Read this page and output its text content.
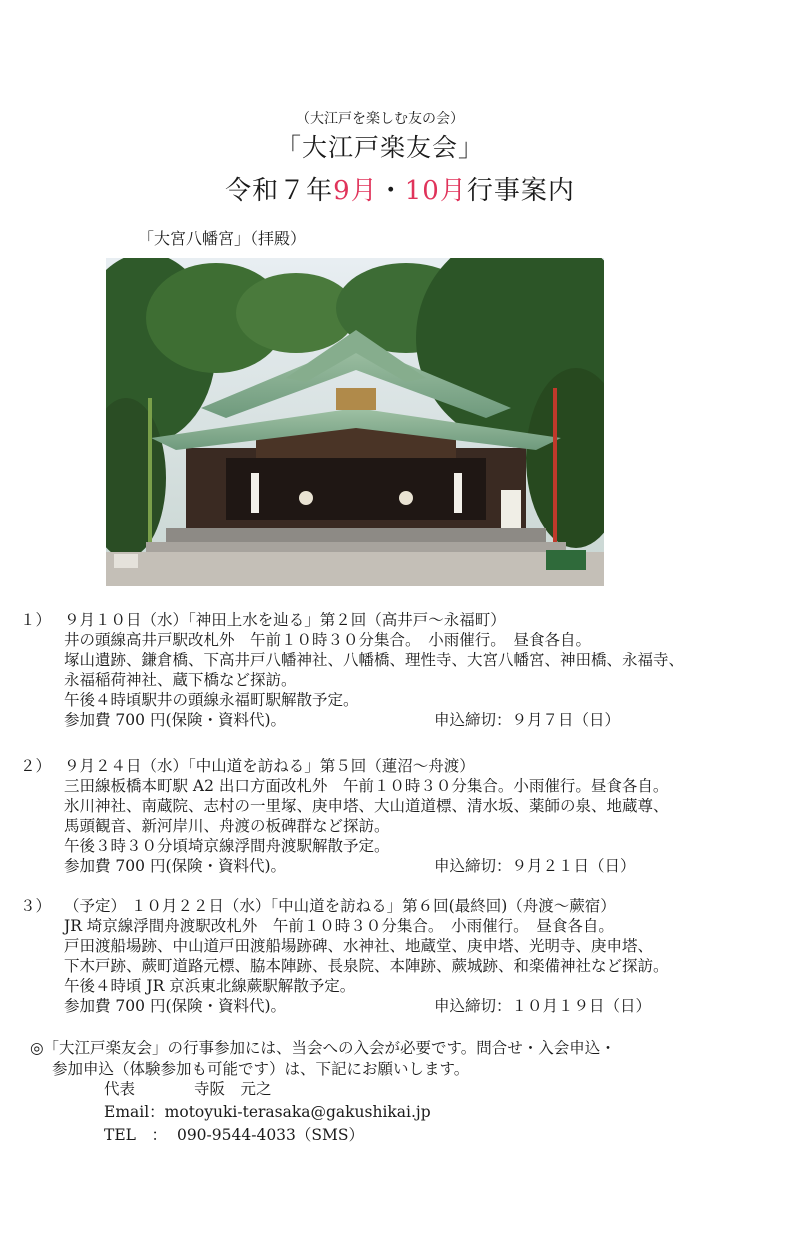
（大江戸を楽しむ友の会）
「大江戸楽友会」
令和７年9月・10月行事案内
「大宮八幡宮」（拝殿）
１） ９月１０日（水）「神田上水を辿る」第２回（高井戸～永福町）
井の頭線高井戸駅改札外　午前１０時３０分集合。　小雨催行。　昼食各自。
塚山遺跡、鎌倉橋、下高井戸八幡神社、八幡橋、理性寺、大宮八幡宮、神田橋、永福寺、
永福稲荷神社、蔵下橋など探訪。
午後４時頃駅井の頭線永福町駅解散予定。
参加費 700 円(保険・資料代)。	申込締切：９月７日（日）
２） ９月２４日（水）「中山道を訪ねる」第５回（蓮沼～舟渡）
三田線板橋本町駅 A2 出口方面改札外　午前１０時３０分集合。小雨催行。昼食各自。
氷川神社、南蔵院、志村の一里塚、庚申塔、大山道道標、清水坂、薬師の泉、地蔵尊、
馬頭観音、新河岸川、舟渡の板碑群など探訪。
午後３時３０分頃埼京線浮間舟渡駅解散予定。
参加費 700 円(保険・資料代)。	申込締切：９月２１日（日）
３） （予定） １０月２２日（水）「中山道を訪ねる」第６回(最終回)（舟渡～蕨宿）
JR 埼京線浮間舟渡駅改札外　午前１０時３０分集合。　小雨催行。　昼食各自。
戸田渡船場跡、中山道戸田渡船場跡碑、水神社、地蔵堂、庚申塔、光明寺、庚申塔、
下木戸跡、蕨町道路元標、脇本陣跡、長泉院、本陣跡、蕨城跡、和楽備神社など探訪。
午後４時頃 JR 京浜東北線蕨駅解散予定。
参加費 700 円(保険・資料代)。	申込締切：１０月１９日（日）
◎「大江戸楽友会」の行事参加には、当会への入会が必要です。問合せ・入会申込・
参加申込（体験参加も可能です）は、下記にお願いします。
代表	寺阪　元之
Email： motoyuki-terasaka@gakushikai.jp
TEL　： 090-9544-4033（SMS）
